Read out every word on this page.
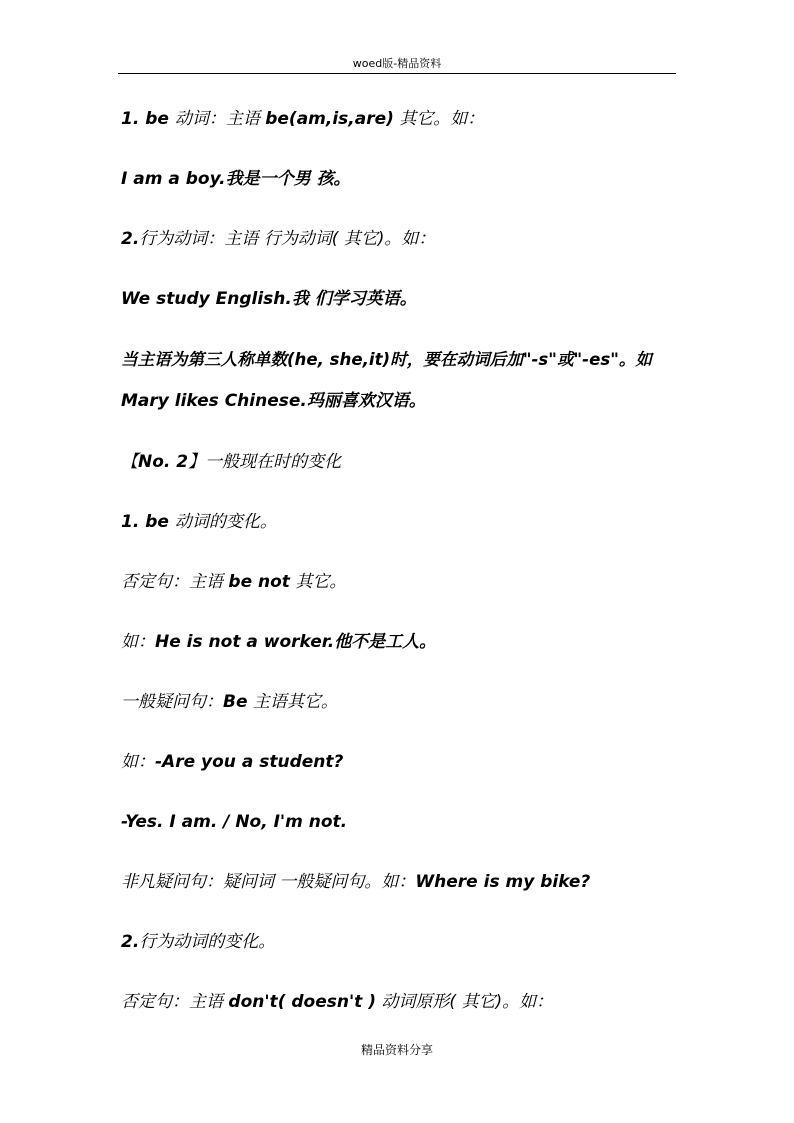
woed版-精品资料
1. be 动词：主语 be(am,is,are) 其它。如：
I am a boy.我是一个男 孩。
2.行为动词：主语 行为动词( 其它)。如：
We study English.我 们学习英语。
当主语为第三人称单数(he, she,it)时，要在动词后加"-s"或"-es"。如
Mary likes Chinese.玛丽喜欢汉语。
【No. 2】一般现在时的变化
1. be 动词的变化。
否定句：主语 be not 其它。
如：He is not a worker.他不是工人。
一般疑问句：Be 主语其它。
如：-Are you a student?
-Yes. I am. / No, I'm not.
非凡疑问句：疑问词 一般疑问句。如：Where is my bike?
2.行为动词的变化。
否定句：主语 don't( doesn't ) 动词原形( 其它)。如：
精品资料分享
